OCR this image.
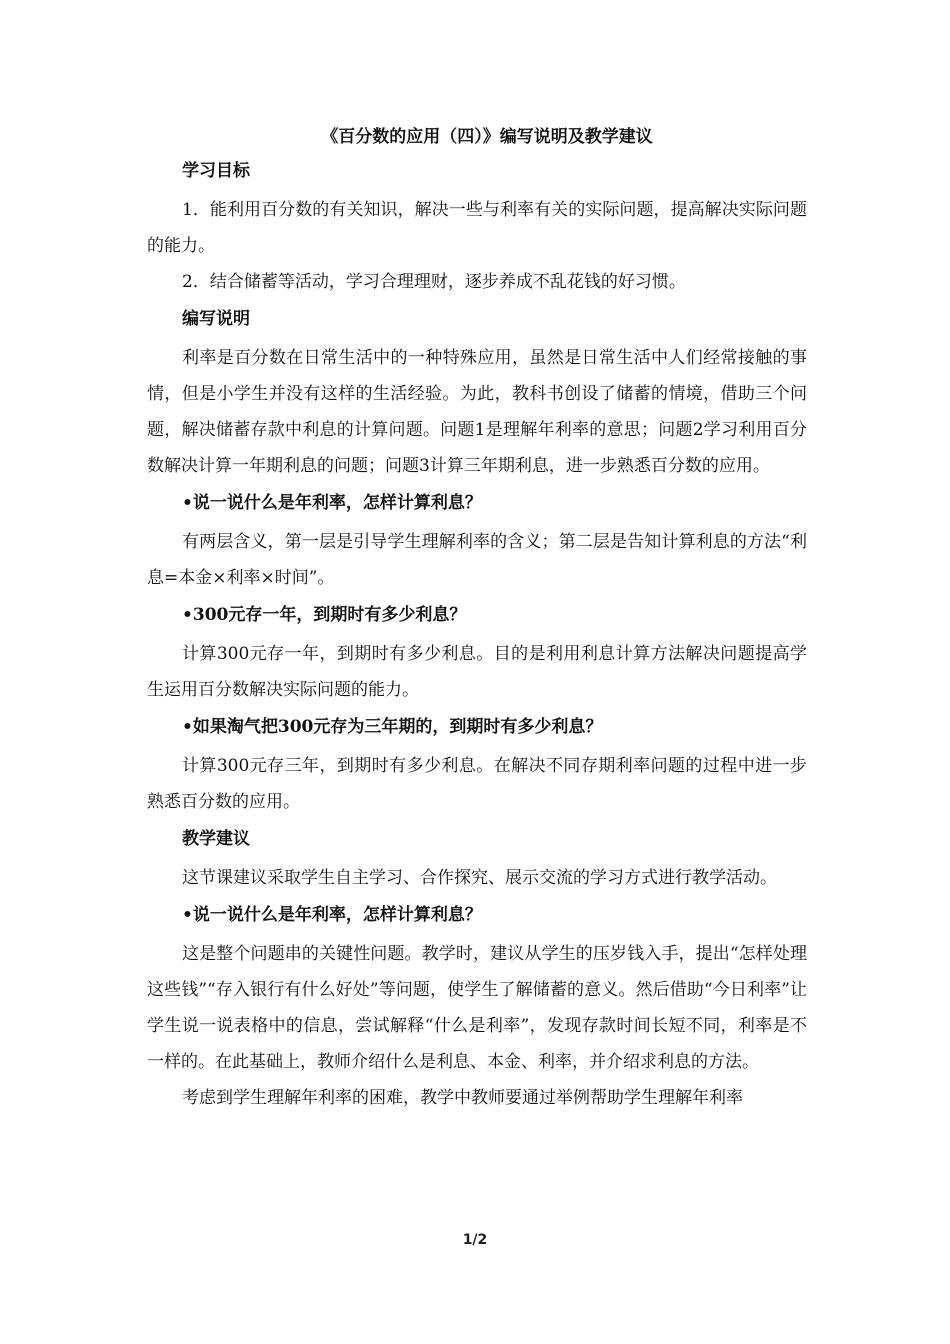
《百分数的应用（四）》编写说明及教学建议
学习目标
1．能利用百分数的有关知识，解决一些与利率有关的实际问题，提高解决实际问题的能力。
2．结合储蓄等活动，学习合理理财，逐步养成不乱花钱的好习惯。
编写说明
利率是百分数在日常生活中的一种特殊应用，虽然是日常生活中人们经常接触的事情，但是小学生并没有这样的生活经验。为此，教科书创设了储蓄的情境，借助三个问题，解决储蓄存款中利息的计算问题。问题1是理解年利率的意思；问题2学习利用百分数解决计算一年期利息的问题；问题3计算三年期利息，进一步熟悉百分数的应用。
•说一说什么是年利率，怎样计算利息？
有两层含义，第一层是引导学生理解利率的含义；第二层是告知计算利息的方法“利息=本金×利率×时间”。
•300元存一年，到期时有多少利息？
计算300元存一年，到期时有多少利息。目的是利用利息计算方法解决问题提高学生运用百分数解决实际问题的能力。
•如果淘气把300元存为三年期的，到期时有多少利息？
计算300元存三年，到期时有多少利息。在解决不同存期利率问题的过程中进一步熟悉百分数的应用。
教学建议
这节课建议采取学生自主学习、合作探究、展示交流的学习方式进行教学活动。
•说一说什么是年利率，怎样计算利息？
这是整个问题串的关键性问题。教学时，建议从学生的压岁钱入手，提出“怎样处理这些钱”“存入银行有什么好处”等问题，使学生了解储蓄的意义。然后借助“今日利率”让学生说一说表格中的信息，尝试解释“什么是利率”，发现存款时间长短不同，利率是不一样的。在此基础上，教师介绍什么是利息、本金、利率，并介绍求利息的方法。
考虑到学生理解年利率的困难，教学中教师要通过举例帮助学生理解年利率
1/2
